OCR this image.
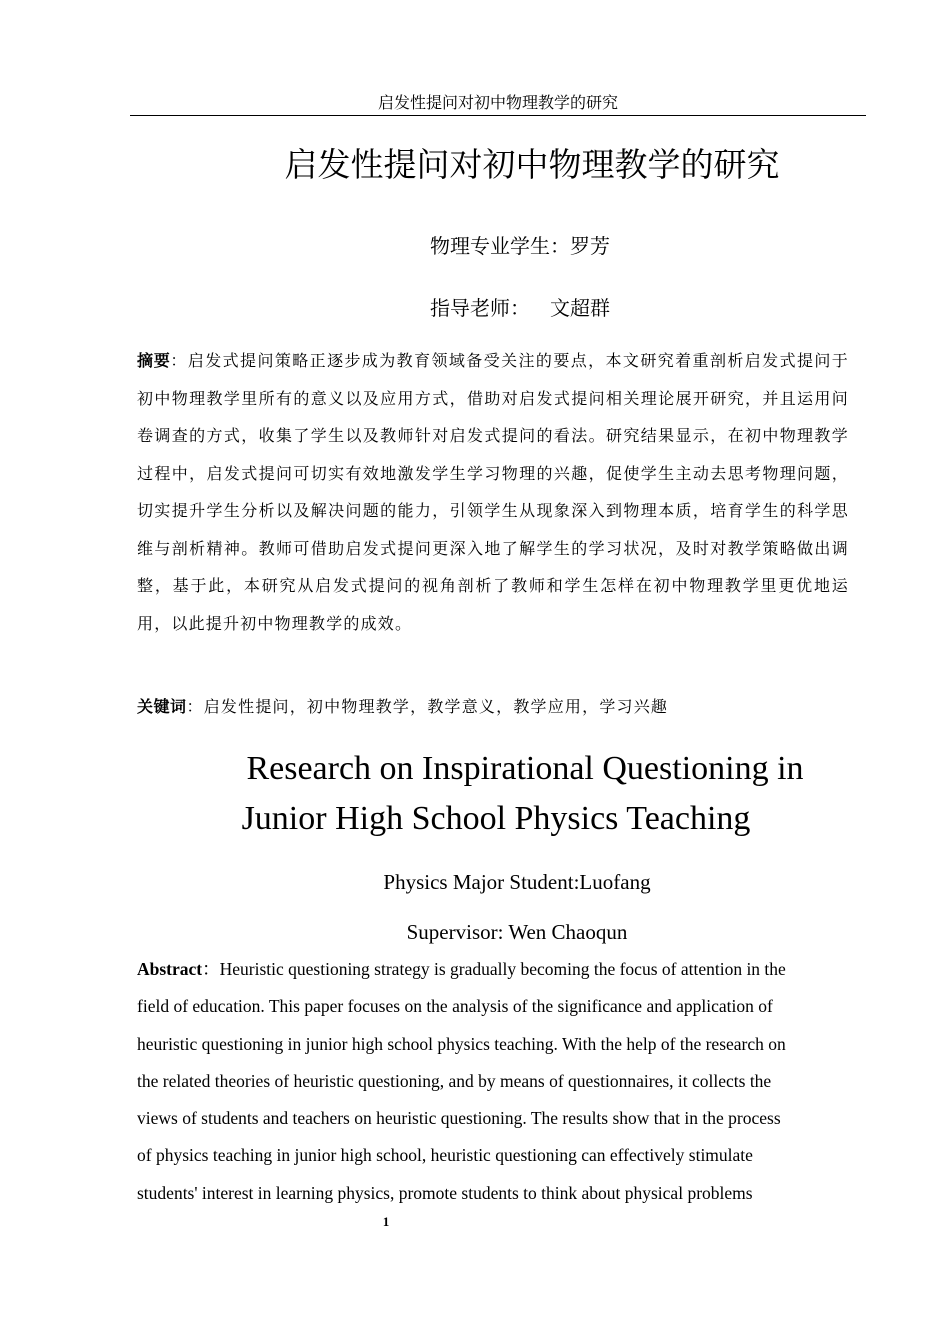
启发性提问对初中物理教学的研究
启发性提问对初中物理教学的研究
物理专业学生：罗芳
指导老师： 文超群
摘要：启发式提问策略正逐步成为教育领域备受关注的要点，本文研究着重剖析启发式提问于初中物理教学里所有的意义以及应用方式，借助对启发式提问相关理论展开研究，并且运用问卷调查的方式，收集了学生以及教师针对启发式提问的看法。研究结果显示，在初中物理教学过程中，启发式提问可切实有效地激发学生学习物理的兴趣，促使学生主动去思考物理问题，切实提升学生分析以及解决问题的能力，引领学生从现象深入到物理本质，培育学生的科学思维与剖析精神。教师可借助启发式提问更深入地了解学生的学习状况，及时对教学策略做出调整，基于此，本研究从启发式提问的视角剖析了教师和学生怎样在初中物理教学里更优地运用，以此提升初中物理教学的成效。
关键词：启发性提问，初中物理教学，教学意义，教学应用，学习兴趣
Research on Inspirational Questioning in
Junior High School Physics Teaching
Physics Major Student:Luofang
Supervisor: Wen Chaoqun
Abstract：Heuristic questioning strategy is gradually becoming the focus of attention in the
field of education. This paper focuses on the analysis of the significance and application of
heuristic questioning in junior high school physics teaching. With the help of the research on
the related theories of heuristic questioning, and by means of questionnaires, it collects the
views of students and teachers on heuristic questioning. The results show that in the process
of physics teaching in junior high school, heuristic questioning can effectively stimulate
students' interest in learning physics, promote students to think about physical problems
1
